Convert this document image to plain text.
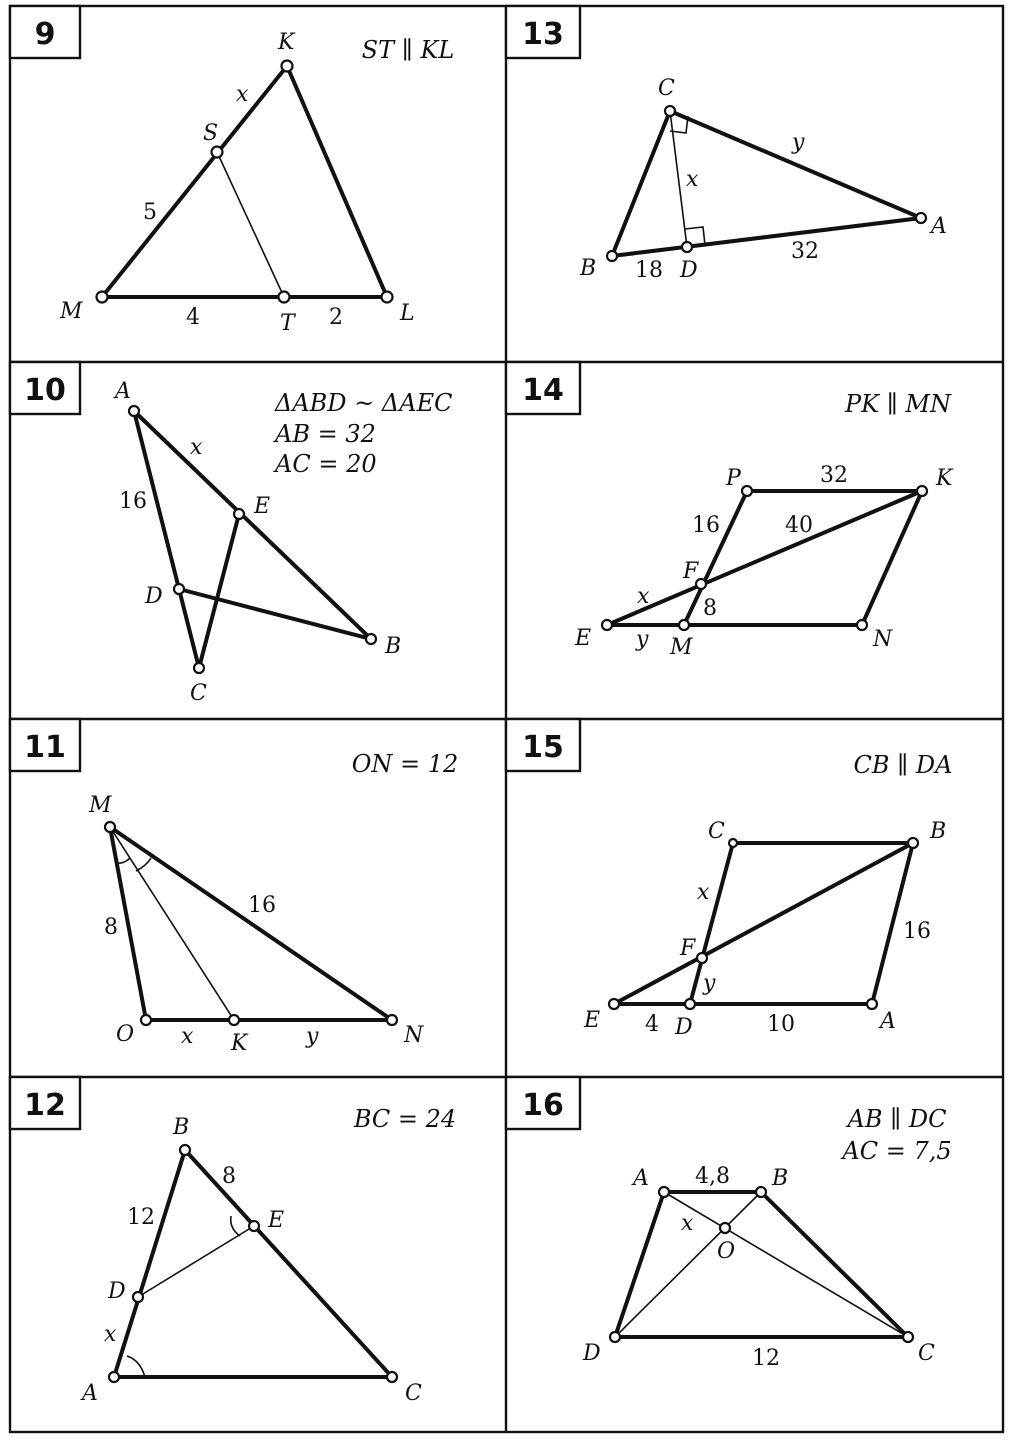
9	ST ∥ KL
K
S
M	T	L
5
x
4	2
13
C
B	D
A
y
x
18
32
10	ΔABD ~ ΔAEC
AB = 32
AC = 20
A
E
D
C
B
x
16
14	PK ∥ MN
P	K
F
E	M	N
32
16	40
x 8
y
11	ON = 12
M
O	K	N
8
16
x	y
15	CB ∥ DA
C	B
F
E	D	A
x
y
16
4	10
12	BC = 24
B
E
D
A	C
8
12
x
16	AB ∥ DC
AC = 7,5
A	B
O
D	C
4,8
x
12
